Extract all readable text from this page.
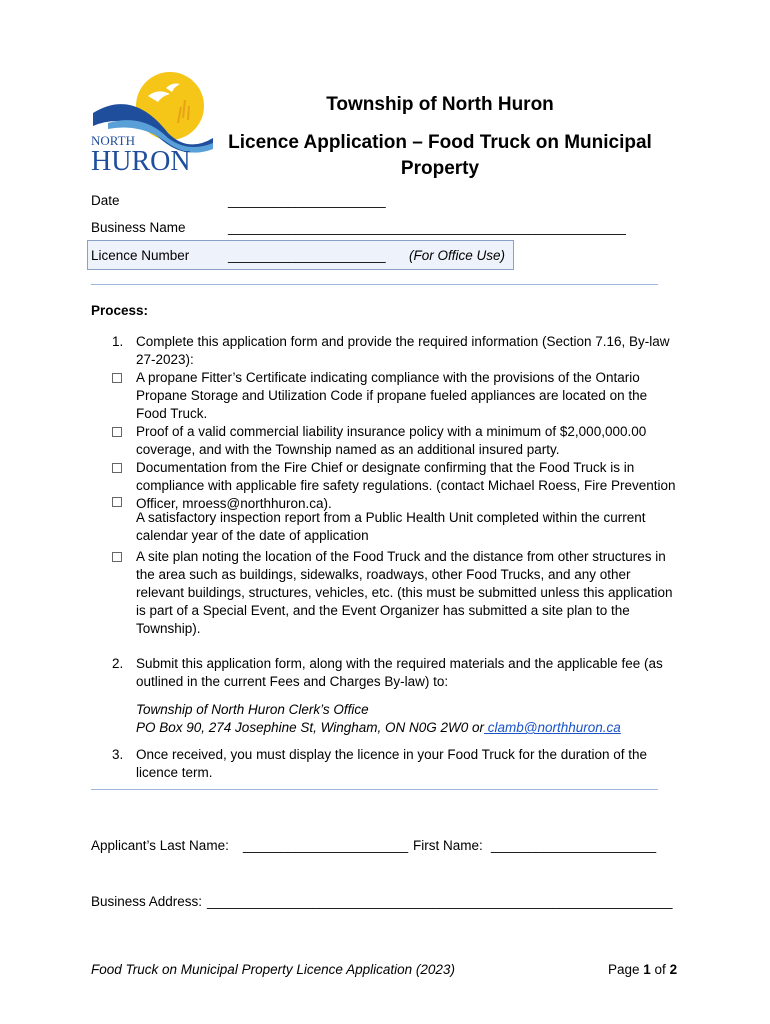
NORTH
HURON
Township of North Huron
Licence Application – Food Truck on Municipal Property
Date	_____________________
Business Name	_____________________________________________________
Licence Number	_____________________ (For Office Use)
Process:
1. Complete this application form and provide the required information (Section 7.16, By-law 27-2023):
A propane Fitter’s Certificate indicating compliance with the provisions of the Ontario Propane Storage and Utilization Code if propane fueled appliances are located on the Food Truck.
Proof of a valid commercial liability insurance policy with a minimum of $2,000,000.00 coverage, and with the Township named as an additional insured party.
Documentation from the Fire Chief or designate confirming that the Food Truck is in compliance with applicable fire safety regulations. (contact Michael Roess, Fire Prevention Officer, mroess@northhuron.ca).
A satisfactory inspection report from a Public Health Unit completed within the current calendar year of the date of application
A site plan noting the location of the Food Truck and the distance from other structures in the area such as buildings, sidewalks, roadways, other Food Trucks, and any other relevant buildings, structures, vehicles, etc. (this must be submitted unless this application is part of a Special Event, and the Event Organizer has submitted a site plan to the Township).
2. Submit this application form, along with the required materials and the applicable fee (as outlined in the current Fees and Charges By-law) to:
Township of North Huron Clerk’s Office
PO Box 90, 274 Josephine St, Wingham, ON N0G 2W0 or clamb@northhuron.ca
3. Once received, you must display the licence in your Food Truck for the duration of the licence term.
Applicant’s Last Name: ______________________ First Name: ______________________
Business Address: ______________________________________________________________
Food Truck on Municipal Property Licence Application (2023)	Page 1 of 2
